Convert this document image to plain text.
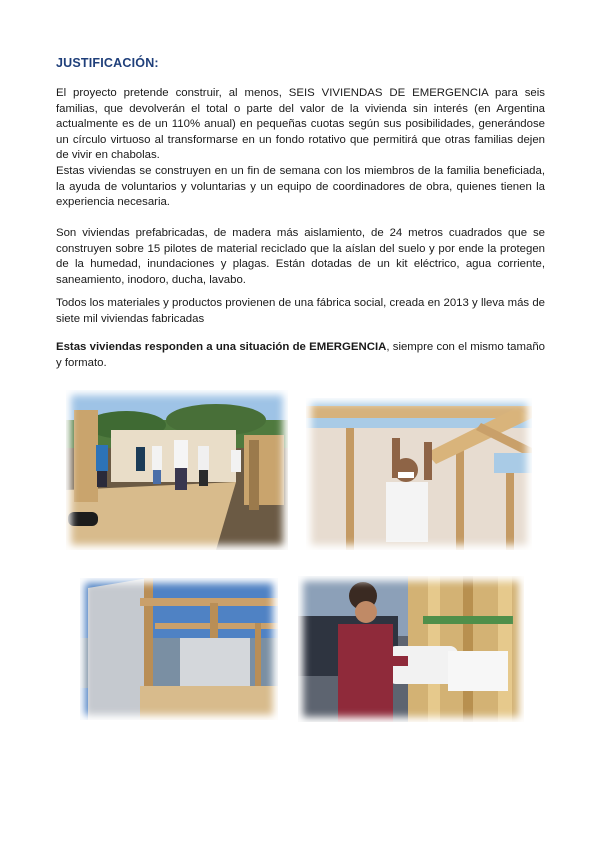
JUSTIFICACIÓN:

El proyecto pretende construir, al menos, SEIS VIVIENDAS DE EMERGENCIA para seis familias, que devolverán el total o parte del valor de la vivienda sin interés (en Argentina actualmente es de un 110% anual) en pequeñas cuotas según sus posibilidades, generándose un círculo virtuoso al transformarse en un fondo rotativo que permitirá que otras familias dejen de vivir en chabolas.

Estas viviendas se construyen en un fin de semana con los miembros de la familia beneficiada, la ayuda de voluntarios y voluntarias y un equipo de coordinadores de obra, quienes tienen la experiencia necesaria.

Son viviendas prefabricadas, de madera más aislamiento, de 24 metros cuadrados que se construyen sobre 15 pilotes de material reciclado que la aíslan del suelo y por ende la protegen de la humedad, inundaciones y plagas. Están dotadas de un kit eléctrico, agua corriente, saneamiento, inodoro, ducha, lavabo.

Todos los materiales y productos provienen de una fábrica social, creada en 2013 y lleva más de siete mil viviendas fabricadas

Estas viviendas responden a una situación de EMERGENCIA, siempre con el mismo tamaño y formato.
